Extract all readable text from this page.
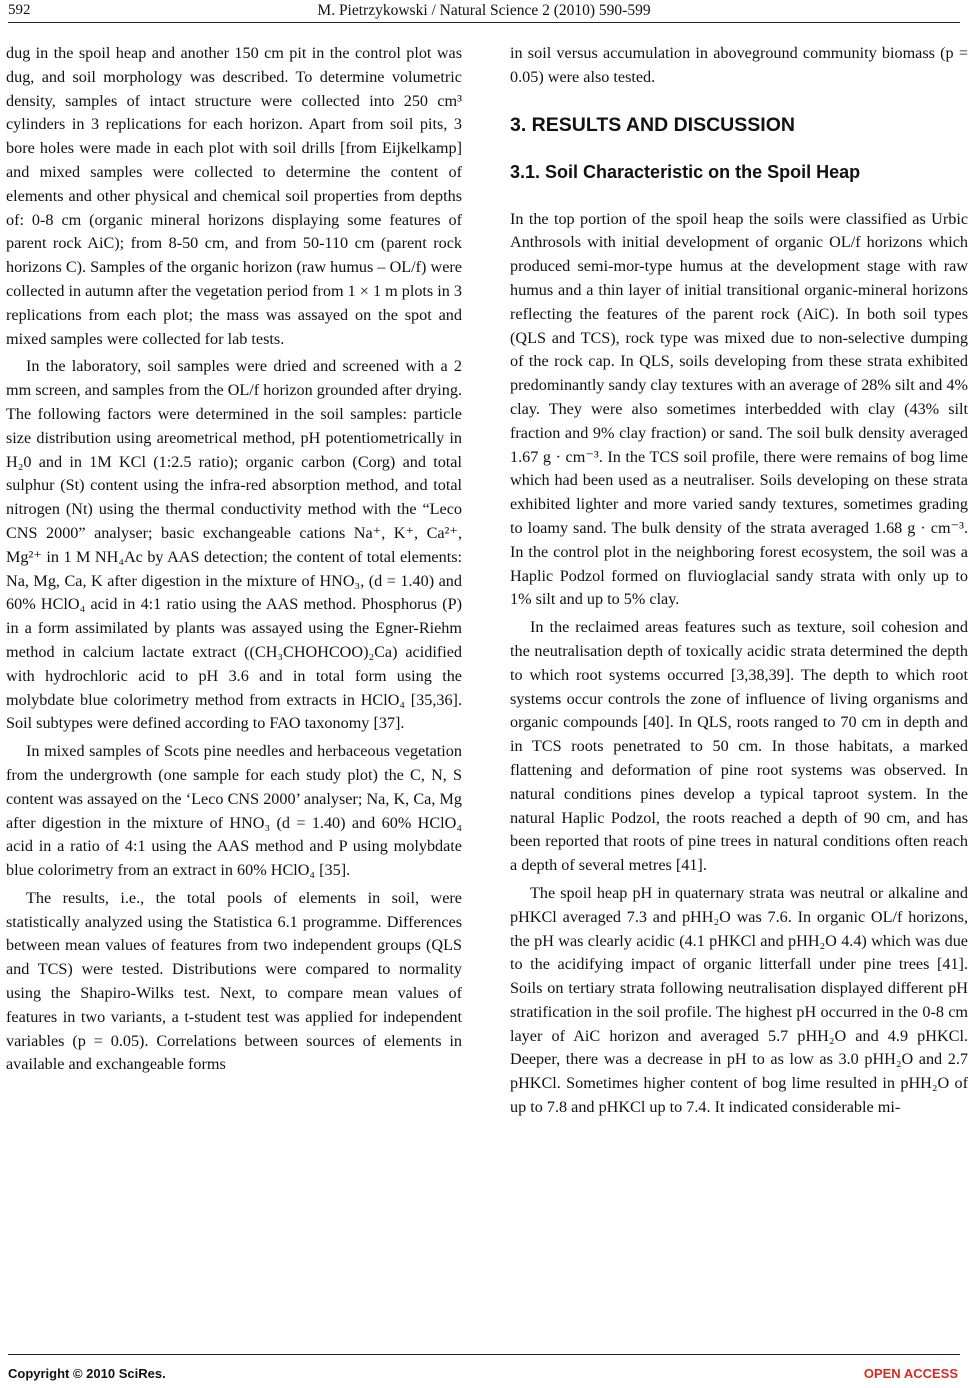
592	M. Pietrzykowski / Natural Science 2 (2010) 590-599

dug in the spoil heap and another 150 cm pit in the control plot was dug, and soil morphology was described. To determine volumetric density, samples of intact structure were collected into 250 cm³ cylinders in 3 replications for each horizon. Apart from soil pits, 3 bore holes were made in each plot with soil drills [from Eijkelkamp] and mixed samples were collected to determine the content of elements and other physical and chemical soil properties from depths of: 0-8 cm (organic mineral horizons displaying some features of parent rock AiC); from 8-50 cm, and from 50-110 cm (parent rock horizons C). Samples of the organic horizon (raw humus – OL/f) were collected in autumn after the vegetation period from 1 × 1 m plots in 3 replications from each plot; the mass was assayed on the spot and mixed samples were collected for lab tests.

In the laboratory, soil samples were dried and screened with a 2 mm screen, and samples from the OL/f horizon grounded after drying. The following factors were determined in the soil samples: particle size distribution using areometrical method, pH potentiometrically in H₂0 and in 1M KCl (1:2.5 ratio); organic carbon (Corg) and total sulphur (St) content using the infra-red absorption method, and total nitrogen (Nt) using the thermal conductivity method with the “Leco CNS 2000” analyser; basic exchangeable cations Na⁺, K⁺, Ca²⁺, Mg²⁺ in 1 M NH₄Ac by AAS detection; the content of total elements: Na, Mg, Ca, K after digestion in the mixture of HNO₃, (d = 1.40) and 60% HClO₄ acid in 4:1 ratio using the AAS method. Phosphorus (P) in a form assimilated by plants was assayed using the Egner-Riehm method in calcium lactate extract ((CH₃CHOHCOO)₂Ca) acidified with hydrochloric acid to pH 3.6 and in total form using the molybdate blue colorimetry method from extracts in HClO₄ [35,36]. Soil subtypes were defined according to FAO taxonomy [37].

In mixed samples of Scots pine needles and herbaceous vegetation from the undergrowth (one sample for each study plot) the C, N, S content was assayed on the ‘Leco CNS 2000’ analyser; Na, K, Ca, Mg after digestion in the mixture of HNO₃ (d = 1.40) and 60% HClO₄ acid in a ratio of 4:1 using the AAS method and P using molybdate blue colorimetry from an extract in 60% HClO₄ [35].

The results, i.e., the total pools of elements in soil, were statistically analyzed using the Statistica 6.1 programme. Differences between mean values of features from two independent groups (QLS and TCS) were tested. Distributions were compared to normality using the Shapiro-Wilks test. Next, to compare mean values of features in two variants, a t-student test was applied for independent variables (p = 0.05). Correlations between sources of elements in available and exchangeable forms

in soil versus accumulation in aboveground community biomass (p = 0.05) were also tested.

3. RESULTS AND DISCUSSION
3.1. Soil Characteristic on the Spoil Heap

In the top portion of the spoil heap the soils were classified as Urbic Anthrosols with initial development of organic OL/f horizons which produced semi-mor-type humus at the development stage with raw humus and a thin layer of initial transitional organic-mineral horizons reflecting the features of the parent rock (AiC). In both soil types (QLS and TCS), rock type was mixed due to non-selective dumping of the rock cap. In QLS, soils developing from these strata exhibited predominantly sandy clay textures with an average of 28% silt and 4% clay. They were also sometimes interbedded with clay (43% silt fraction and 9% clay fraction) or sand. The soil bulk density averaged 1.67 g · cm⁻³. In the TCS soil profile, there were remains of bog lime which had been used as a neutraliser. Soils developing on these strata exhibited lighter and more varied sandy textures, sometimes grading to loamy sand. The bulk density of the strata averaged 1.68 g · cm⁻³. In the control plot in the neighboring forest ecosystem, the soil was a Haplic Podzol formed on fluvioglacial sandy strata with only up to 1% silt and up to 5% clay.

In the reclaimed areas features such as texture, soil cohesion and the neutralisation depth of toxically acidic strata determined the depth to which root systems occurred [3,38,39]. The depth to which root systems occur controls the zone of influence of living organisms and organic compounds [40]. In QLS, roots ranged to 70 cm in depth and in TCS roots penetrated to 50 cm. In those habitats, a marked flattening and deformation of pine root systems was observed. In natural conditions pines develop a typical taproot system. In the natural Haplic Podzol, the roots reached a depth of 90 cm, and has been reported that roots of pine trees in natural conditions often reach a depth of several metres [41].

The spoil heap pH in quaternary strata was neutral or alkaline and pHKCl averaged 7.3 and pHH₂O was 7.6. In organic OL/f horizons, the pH was clearly acidic (4.1 pHKCl and pHH₂O 4.4) which was due to the acidifying impact of organic litterfall under pine trees [41]. Soils on tertiary strata following neutralisation displayed different pH stratification in the soil profile. The highest pH occurred in the 0-8 cm layer of AiC horizon and averaged 5.7 pHH₂O and 4.9 pHKCl. Deeper, there was a decrease in pH to as low as 3.0 pHH₂O and 2.7 pHKCl. Sometimes higher content of bog lime resulted in pHH₂O of up to 7.8 and pHKCl up to 7.4. It indicated considerable mi-

Copyright © 2010 SciRes.	OPEN ACCESS
